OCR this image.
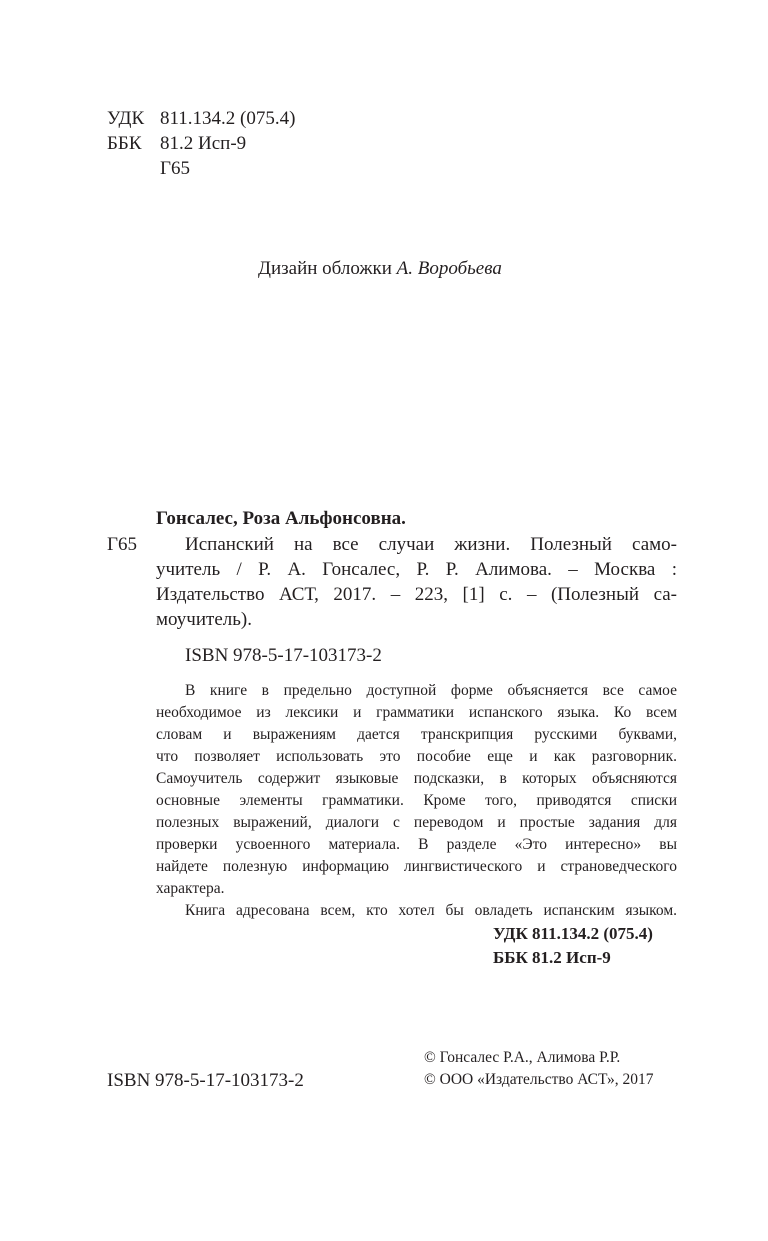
УДК 811.134.2 (075.4)
ББК 81.2 Исп-9
Г65
Дизайн обложки А. Воробьева
Гонсалес, Роза Альфонсовна.
Г65	Испанский на все случаи жизни. Полезный само-
учитель / Р. А. Гонсалес, Р. Р. Алимова. – Москва :
Издательство АСТ, 2017. – 223, [1] с. – (Полезный са-
моучитель).
ISBN 978-5-17-103173-2
В книге в предельно доступной форме объясняется все самое
необходимое из лексики и грамматики испанского языка. Ко всем
словам и выражениям дается транскрипция русскими буквами,
что позволяет использовать это пособие еще и как разговорник.
Самоучитель содержит языковые подсказки, в которых объясняются
основные элементы грамматики. Кроме того, приводятся списки
полезных выражений, диалоги с переводом и простые задания для
проверки усвоенного материала. В разделе «Это интересно» вы
найдете полезную информацию лингвистического и страноведческого
характера.
Книга адресована всем, кто хотел бы овладеть испанским языком.
УДК 811.134.2 (075.4)
ББК 81.2 Исп-9
ISBN 978-5-17-103173-2
© Гонсалес Р.А., Алимова Р.Р.
© ООО «Издательство АСТ», 2017
